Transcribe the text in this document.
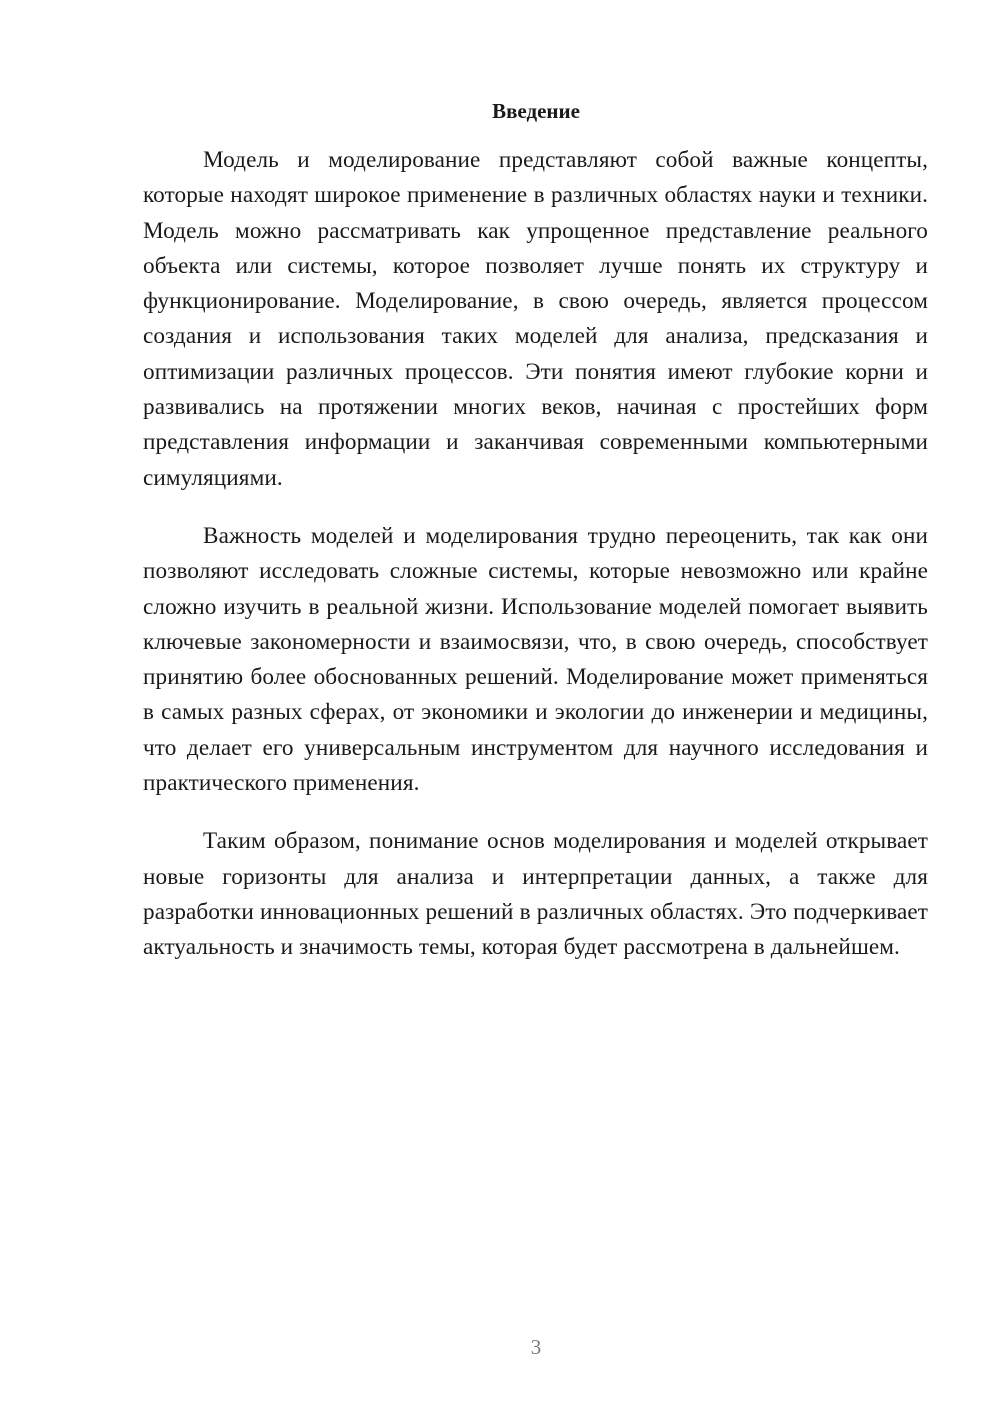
Введение

Модель и моделирование представляют собой важные концепты, которые находят широкое применение в различных областях науки и техники. Модель можно рассматривать как упрощенное представление реального объекта или системы, которое позволяет лучше понять их структуру и функционирование. Моделирование, в свою очередь, является процессом создания и использования таких моделей для анализа, предсказания и оптимизации различных процессов. Эти понятия имеют глубокие корни и развивались на протяжении многих веков, начиная с простейших форм представления информации и заканчивая современными компьютерными симуляциями.

Важность моделей и моделирования трудно переоценить, так как они позволяют исследовать сложные системы, которые невозможно или крайне сложно изучить в реальной жизни. Использование моделей помогает выявить ключевые закономерности и взаимосвязи, что, в свою очередь, способствует принятию более обоснованных решений. Моделирование может применяться в самых разных сферах, от экономики и экологии до инженерии и медицины, что делает его универсальным инструментом для научного исследования и практического применения.

Таким образом, понимание основ моделирования и моделей открывает новые горизонты для анализа и интерпретации данных, а также для разработки инновационных решений в различных областях. Это подчеркивает актуальность и значимость темы, которая будет рассмотрена в дальнейшем.

3
